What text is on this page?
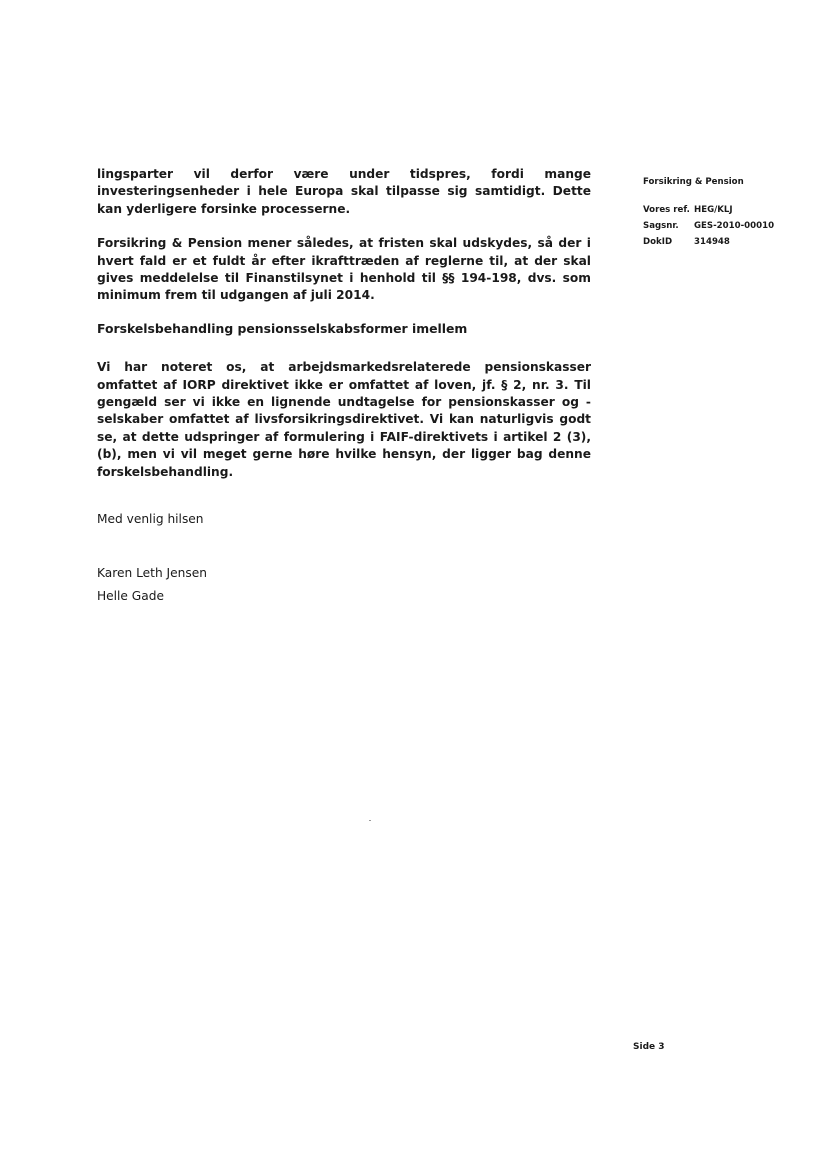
lingsparter vil derfor være under tidspres, fordi mange investeringsenheder i hele Europa skal tilpasse sig samtidigt. Dette kan yderligere forsinke processerne.

Forsikring & Pension mener således, at fristen skal udskydes, så der i hvert fald er et fuldt år efter ikrafttræden af reglerne til, at der skal gives meddelelse til Finanstilsynet i henhold til §§ 194-198, dvs. som minimum frem til udgangen af juli 2014.

Forskelsbehandling pensionsselskabsformer imellem

Vi har noteret os, at arbejdsmarkedsrelaterede pensionskasser omfattet af IORP direktivet ikke er omfattet af loven, jf. § 2, nr. 3. Til gengæld ser vi ikke en lignende undtagelse for pensionskasser og -selskaber omfattet af livsforsikringsdirektivet. Vi kan naturligvis godt se, at dette udspringer af formulering i FAIF-direktivets i artikel 2 (3), (b), men vi vil meget gerne høre hvilke hensyn, der ligger bag denne forskelsbehandling.

Med venlig hilsen

Karen Leth Jensen

Helle Gade

Forsikring & Pension
Vores ref. HEG/KLJ
Sagsnr.	GES-2010-00010
DokID	314948
Side 3
